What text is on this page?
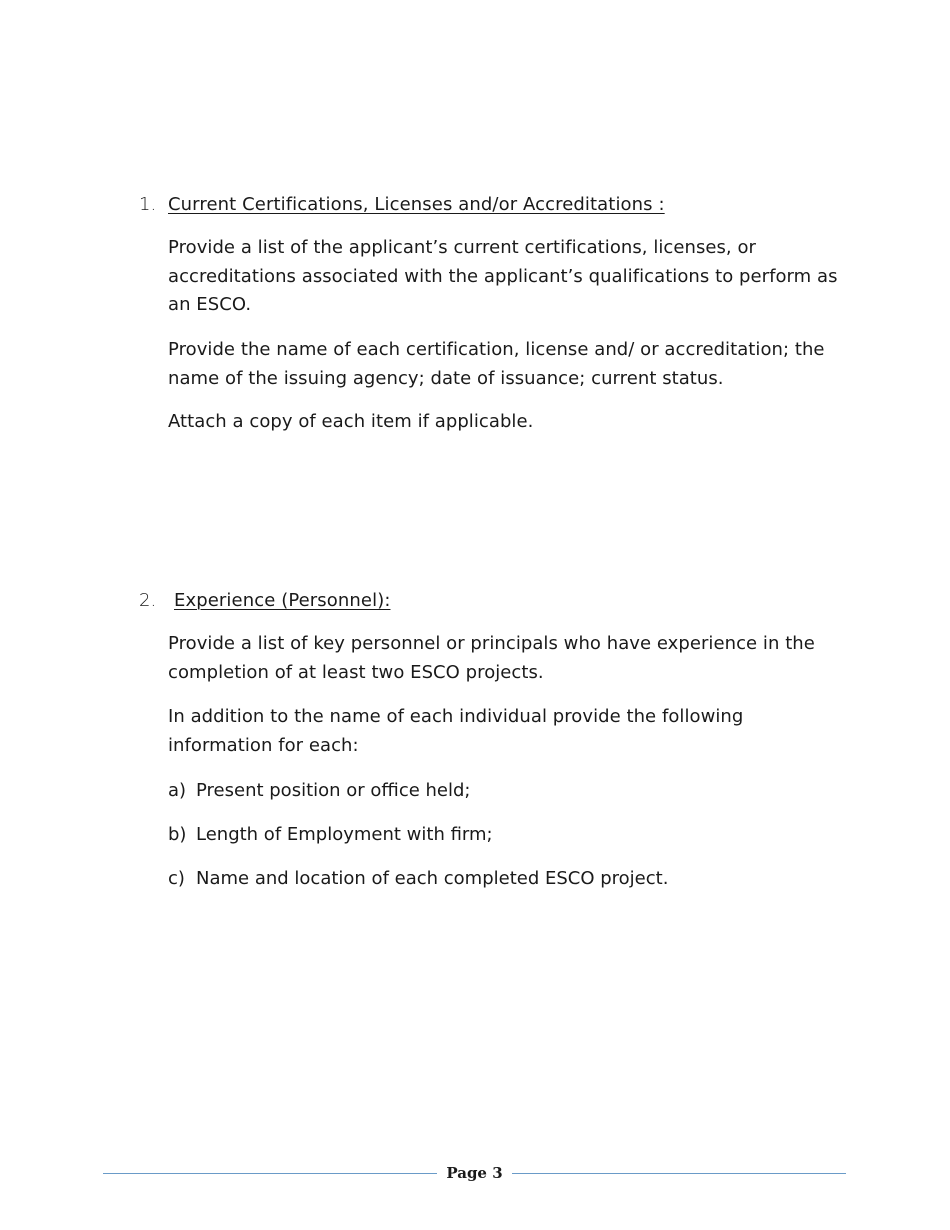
1. Current Certifications, Licenses and/or Accreditations :

Provide a list of the applicant’s current certifications, licenses, or accreditations associated with the applicant’s qualifications to perform as an ESCO.

Provide the name of each certification, license and/ or accreditation; the name of the issuing agency; date of issuance; current status.

Attach a copy of each item if applicable.

2. Experience (Personnel):

Provide a list of key personnel or principals who have experience in the completion of at least two ESCO projects.

In addition to the name of each individual provide the following information for each:

a) Present position or office held;
b) Length of Employment with firm;
c) Name and location of each completed ESCO project.
Page 3
